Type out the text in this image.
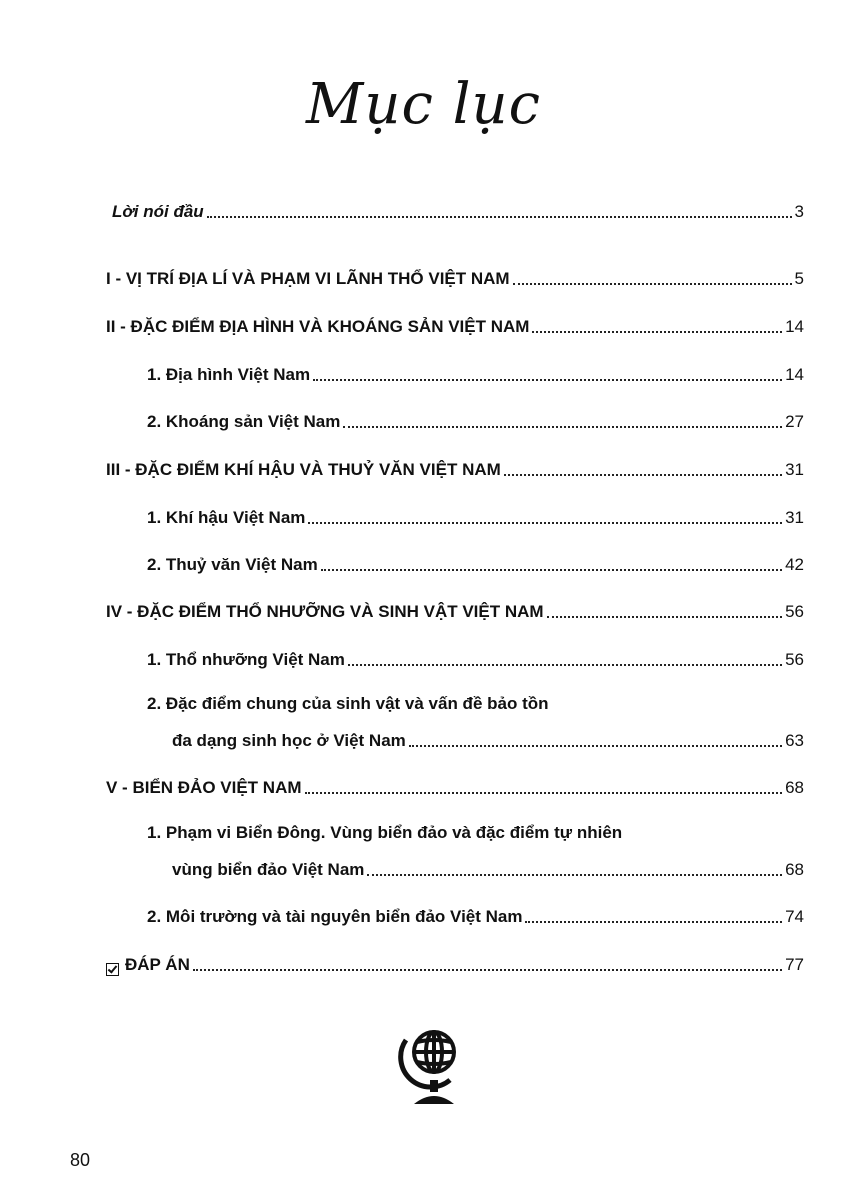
Mục lục
Lời nói đầu	3
I - VỊ TRÍ ĐỊA LÍ VÀ PHẠM VI LÃNH THỔ VIỆT NAM	5
II - ĐẶC ĐIỂM ĐỊA HÌNH VÀ KHOÁNG SẢN VIỆT NAM	14
1. Địa hình Việt Nam	14
2. Khoáng sản Việt Nam	27
III - ĐẶC ĐIỂM KHÍ HẬU VÀ THUỶ VĂN VIỆT NAM	31
1. Khí hậu Việt Nam	31
2. Thuỷ văn Việt Nam	42
IV - ĐẶC ĐIỂM THỔ NHƯỠNG VÀ SINH VẬT VIỆT NAM	56
1. Thổ nhưỡng Việt Nam	56
2. Đặc điểm chung của sinh vật và vấn đề bảo tồn
đa dạng sinh học ở Việt Nam	63
V - BIỂN ĐẢO VIỆT NAM	68
1. Phạm vi Biển Đông. Vùng biển đảo và đặc điểm tự nhiên
vùng biển đảo Việt Nam	68
2. Môi trường và tài nguyên biển đảo Việt Nam	74
ĐÁP ÁN	77
80
